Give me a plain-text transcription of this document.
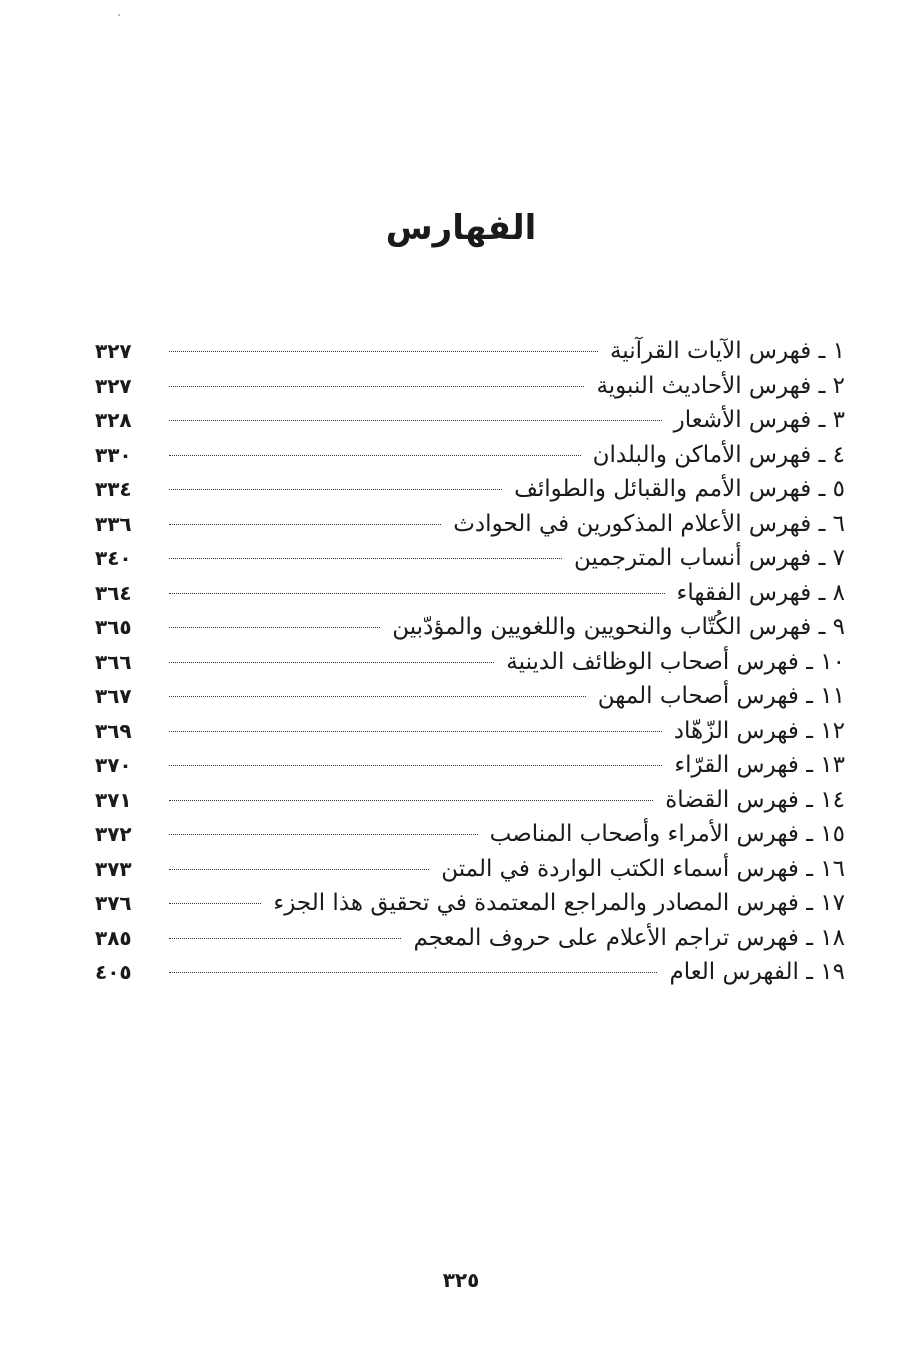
الفهارس
١ ـ فهرس الآيات القرآنية
٣٢٧
٢ ـ فهرس الأحاديث النبوية
٣٢٧
٣ ـ فهرس الأشعار
٣٢٨
٤ ـ فهرس الأماكن والبلدان
٣٣٠
٥ ـ فهرس الأمم والقبائل والطوائف
٣٣٤
٦ ـ فهرس الأعلام المذكورين في الحوادث
٣٣٦
٧ ـ فهرس أنساب المترجمين
٣٤٠
٨ ـ فهرس الفقهاء
٣٦٤
٩ ـ فهرس الكُتّاب والنحويين واللغويين والمؤدّبين
٣٦٥
١٠ ـ فهرس أصحاب الوظائف الدينية
٣٦٦
١١ ـ فهرس أصحاب المهن
٣٦٧
١٢ ـ فهرس الزّهّاد
٣٦٩
١٣ ـ فهرس القرّاء
٣٧٠
١٤ ـ فهرس القضاة
٣٧١
١٥ ـ فهرس الأمراء وأصحاب المناصب
٣٧٢
١٦ ـ فهرس أسماء الكتب الواردة في المتن
٣٧٣
١٧ ـ فهرس المصادر والمراجع المعتمدة في تحقيق هذا الجزء
٣٧٦
١٨ ـ فهرس تراجم الأعلام على حروف المعجم
٣٨٥
١٩ ـ الفهرس العام
٤٠٥
٣٢٥
